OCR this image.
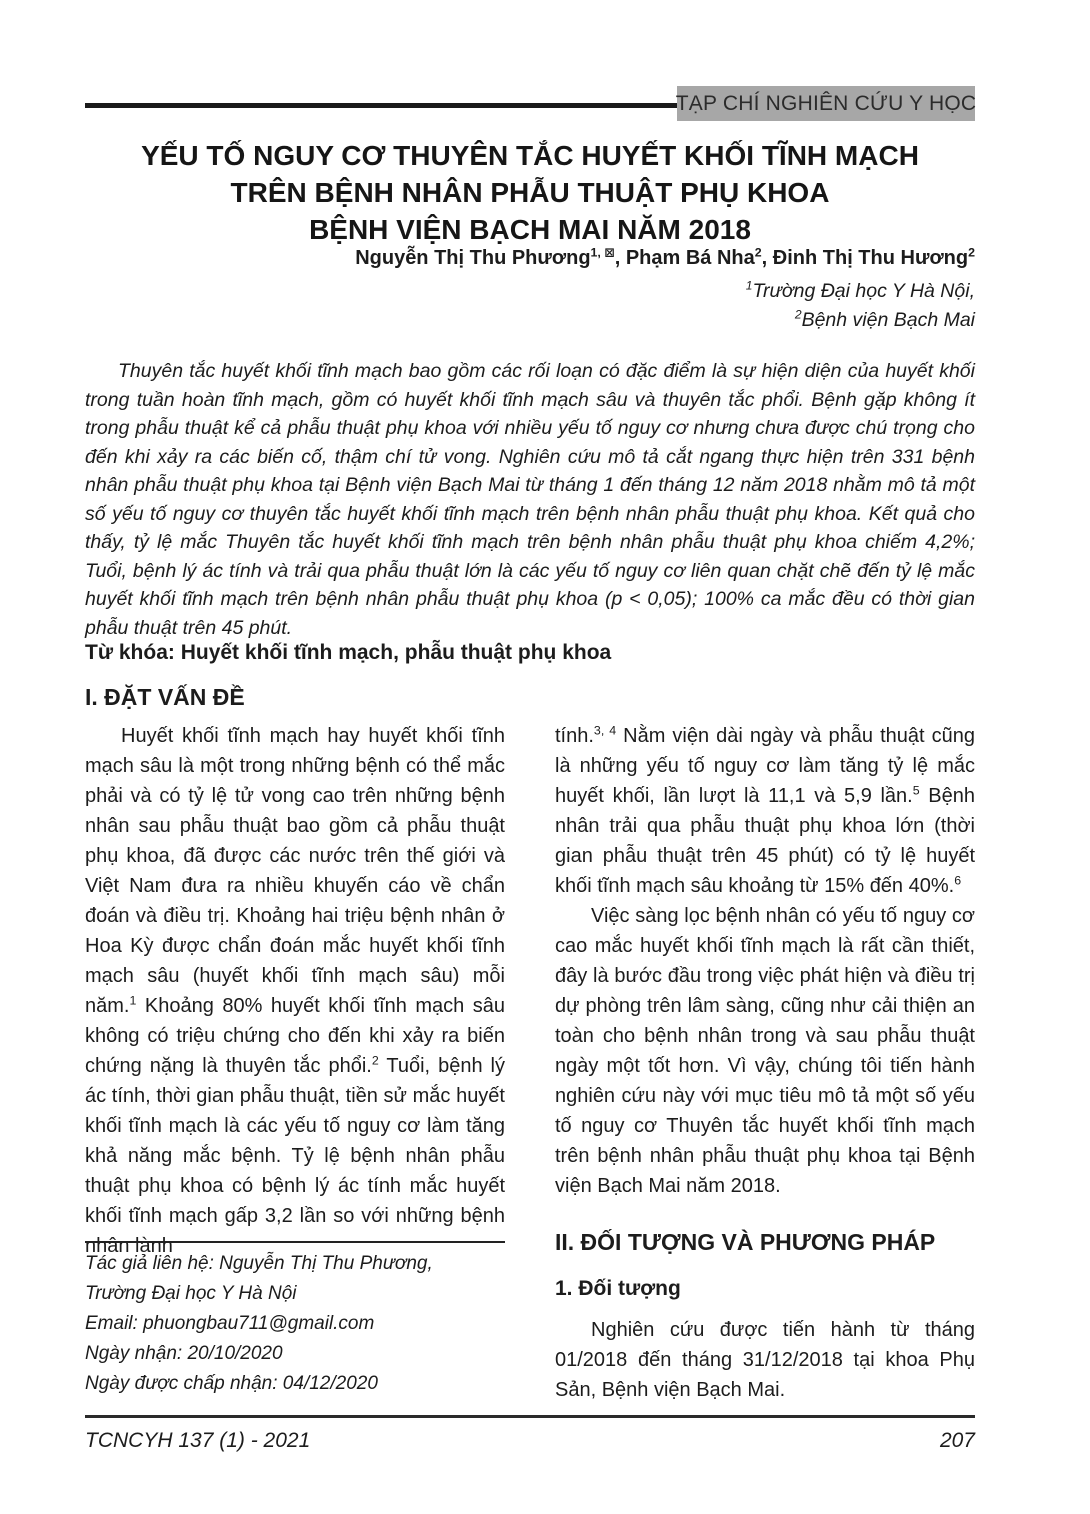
TẠP CHÍ NGHIÊN CỨU Y HỌC
YẾU TỐ NGUY CƠ THUYÊN TẮC HUYẾT KHỐI TĨNH MẠCH
TRÊN BỆNH NHÂN PHẪU THUẬT PHỤ KHOA
BỆNH VIỆN BẠCH MAI NĂM 2018
Nguyễn Thị Thu Phương$^{1,}$ ⊠, Phạm Bá Nha$^2$, Đinh Thị Thu Hương$^2$
$^1$Trường Đại học Y Hà Nội,
$^2$Bệnh viện Bạch Mai

Thuyên tắc huyết khối tĩnh mạch bao gồm các rối loạn có đặc điểm là sự hiện diện của huyết khối trong tuần hoàn tĩnh mạch, gồm có huyết khối tĩnh mạch sâu và thuyên tắc phổi. Bệnh gặp không ít trong phẫu thuật kể cả phẫu thuật phụ khoa với nhiều yếu tố nguy cơ nhưng chưa được chú trọng cho đến khi xảy ra các biến cố, thậm chí tử vong. Nghiên cứu mô tả cắt ngang thực hiện trên 331 bệnh nhân phẫu thuật phụ khoa tại Bệnh viện Bạch Mai từ tháng 1 đến tháng 12 năm 2018 nhằm mô tả một số yếu tố nguy cơ thuyên tắc huyết khối tĩnh mạch trên bệnh nhân phẫu thuật phụ khoa. Kết quả cho thấy, tỷ lệ mắc Thuyên tắc huyết khối tĩnh mạch trên bệnh nhân phẫu thuật phụ khoa chiếm 4,2%; Tuổi, bệnh lý ác tính và trải qua phẫu thuật lớn là các yếu tố nguy cơ liên quan chặt chẽ đến tỷ lệ mắc huyết khối tĩnh mạch trên bệnh nhân phẫu thuật phụ khoa (p < 0,05); 100% ca mắc đều có thời gian phẫu thuật trên 45 phút.

Từ khóa: Huyết khối tĩnh mạch, phẫu thuật phụ khoa
I. ĐẶT VẤN ĐỀ

Huyết khối tĩnh mạch hay huyết khối tĩnh mạch sâu là một trong những bệnh có thể mắc phải và có tỷ lệ tử vong cao trên những bệnh nhân sau phẫu thuật bao gồm cả phẫu thuật phụ khoa, đã được các nước trên thế giới và Việt Nam đưa ra nhiều khuyến cáo về chẩn đoán và điều trị. Khoảng hai triệu bệnh nhân ở Hoa Kỳ được chẩn đoán mắc huyết khối tĩnh mạch sâu (huyết khối tĩnh mạch sâu) mỗi năm.$^1$ Khoảng 80% huyết khối tĩnh mạch sâu không có triệu chứng cho đến khi xảy ra biến chứng nặng là thuyên tắc phổi.$^2$ Tuổi, bệnh lý ác tính, thời gian phẫu thuật, tiền sử mắc huyết khối tĩnh mạch là các yếu tố nguy cơ làm tăng khả năng mắc bệnh. Tỷ lệ bệnh nhân phẫu thuật phụ khoa có bệnh lý ác tính mắc huyết khối tĩnh mạch gấp 3,2 lần so với những bệnh nhân lành

Tác giả liên hệ: Nguyễn Thị Thu Phương,
Trường Đại học Y Hà Nội
Email: phuongbau711@gmail.com
Ngày nhận: 20/10/2020
Ngày được chấp nhận: 04/12/2020

tính.$^{3, 4}$ Nằm viện dài ngày và phẫu thuật cũng là những yếu tố nguy cơ làm tăng tỷ lệ mắc huyết khối, lần lượt là 11,1 và 5,9 lần.$^5$ Bệnh nhân trải qua phẫu thuật phụ khoa lớn (thời gian phẫu thuật trên 45 phút) có tỷ lệ huyết khối tĩnh mạch sâu khoảng từ 15% đến 40%.$^6$

Việc sàng lọc bệnh nhân có yếu tố nguy cơ cao mắc huyết khối tĩnh mạch là rất cần thiết, đây là bước đầu trong việc phát hiện và điều trị dự phòng trên lâm sàng, cũng như cải thiện an toàn cho bệnh nhân trong và sau phẫu thuật ngày một tốt hơn. Vì vậy, chúng tôi tiến hành nghiên cứu này với mục tiêu mô tả một số yếu tố nguy cơ Thuyên tắc huyết khối tĩnh mạch trên bệnh nhân phẫu thuật phụ khoa tại Bệnh viện Bạch Mai năm 2018.

II. ĐỐI TƯỢNG VÀ PHƯƠNG PHÁP
1. Đối tượng

Nghiên cứu được tiến hành từ tháng 01/2018 đến tháng 31/12/2018 tại khoa Phụ Sản, Bệnh viện Bạch Mai.

TCNCYH 137 (1) - 2021	207
